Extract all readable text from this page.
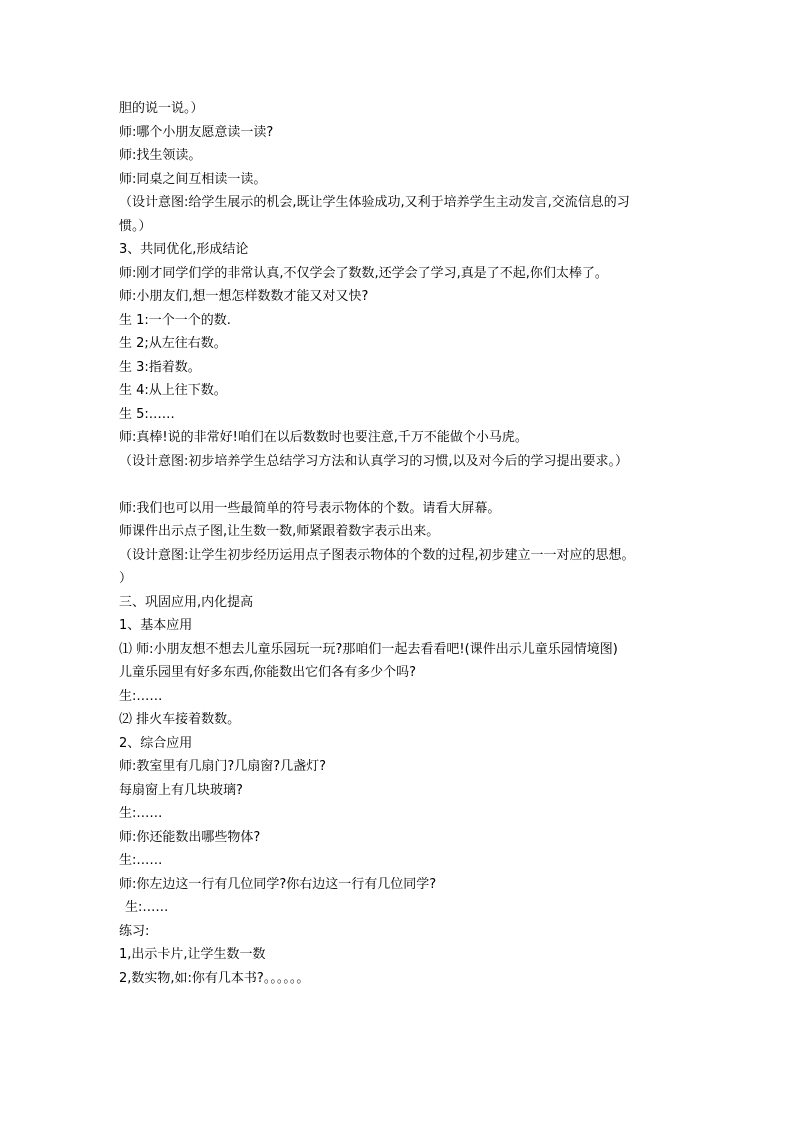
胆的说一说。）
师:哪个小朋友愿意读一读?
师:找生领读。
师:同桌之间互相读一读。
（设计意图:给学生展示的机会,既让学生体验成功,又利于培养学生主动发言,交流信息的习
惯。）
3、共同优化,形成结论
师:刚才同学们学的非常认真,不仅学会了数数,还学会了学习,真是了不起,你们太棒了。
师:小朋友们,想一想怎样数数才能又对又快?
生 1:一个一个的数.
生 2;从左往右数。
生 3:指着数。
生 4:从上往下数。
生 5:……
师:真棒!说的非常好!咱们在以后数数时也要注意,千万不能做个小马虎。
（设计意图:初步培养学生总结学习方法和认真学习的习惯,以及对今后的学习提出要求。）
师:我们也可以用一些最简单的符号表示物体的个数。请看大屏幕。
师课件出示点子图,让生数一数,师紧跟着数字表示出来。
（设计意图:让学生初步经历运用点子图表示物体的个数的过程,初步建立一一对应的思想。
）
三、巩固应用,内化提高
1、基本应用
⑴ 师:小朋友想不想去儿童乐园玩一玩?那咱们一起去看看吧!(课件出示儿童乐园情境图)
儿童乐园里有好多东西,你能数出它们各有多少个吗?
生:……
⑵ 排火车接着数数。
2、综合应用
师:教室里有几扇门?几扇窗?几盏灯?
每扇窗上有几块玻璃?
生:……
师:你还能数出哪些物体?
生:……
师:你左边这一行有几位同学?你右边这一行有几位同学?
生:……
练习:
1,出示卡片,让学生数一数
2,数实物,如:你有几本书?。。。。。。
